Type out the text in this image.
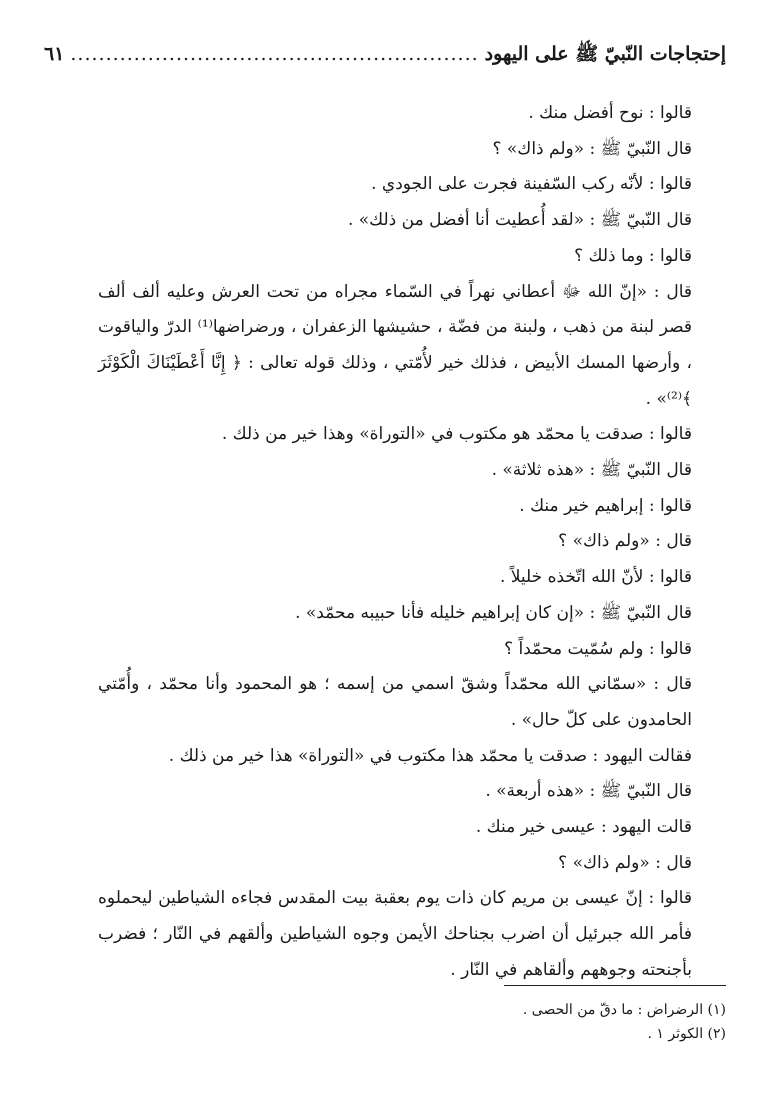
إحتجاجات النّبيّ ﷺ على اليهود
..........................................................
٦١

قالوا : نوح أفضل منك .

قال النّبيّ ﷺ : «ولم ذاك» ؟

قالوا : لأنّه ركب السّفينة فجرت على الجودي .

قال النّبيّ ﷺ : «لقد أُعطيت أنا أفضل من ذلك» .

قالوا : وما ذلك ؟

قال : «إنّ الله ﷻ أعطاني نهراً في السّماء مجراه من تحت العرش وعليه ألف ألف قصر لبنة من ذهب ، ولبنة من فضّة ، حشيشها الزعفران ، ورضراضها⁽¹⁾ الدرّ والياقوت ، وأرضها المسك الأبيض ، فذلك خير لأُمّتي ، وذلك قوله تعالى : ﴿ إِنَّا أَعْطَيْنَاكَ الْكَوْثَرَ ﴾⁽²⁾» .

قالوا : صدقت يا محمّد هو مكتوب في «التوراة» وهذا خير من ذلك .

قال النّبيّ ﷺ : «هذه ثلاثة» .

قالوا : إبراهيم خير منك .

قال : «ولم ذاك» ؟

قالوا : لأنّ الله اتّخذه خليلاً .

قال النّبيّ ﷺ : «إن كان إبراهيم خليله فأنا حبيبه محمّد» .

قالوا : ولم سُمّيت محمّداً ؟

قال : «سمّاني الله محمّداً وشقّ اسمي من إسمه ؛ هو المحمود وأنا محمّد ، وأُمّتي الحامدون على كلّ حال» .

فقالت اليهود : صدقت يا محمّد هذا مكتوب في «التوراة» هذا خير من ذلك .

قال النّبيّ ﷺ : «هذه أربعة» .

قالت اليهود : عيسى خير منك .

قال : «ولم ذاك» ؟

قالوا : إنّ عيسى بن مريم كان ذات يوم بعقبة بيت المقدس فجاءه الشياطين ليحملوه فأمر الله جبرئيل أن اضرب بجناحك الأيمن وجوه الشياطين وألقهم في النّار ؛ فضرب بأجنحته وجوههم وألقاهم في النّار .

(١) الرضراض : ما دقّ من الحصى .

(٢) الكوثر ١ .
